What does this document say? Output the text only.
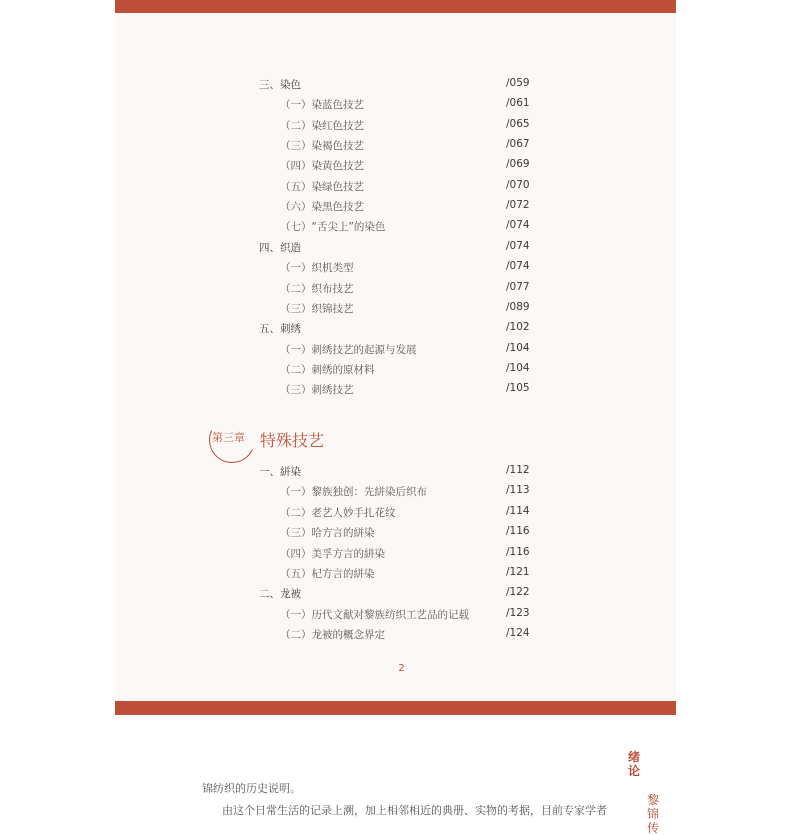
三、染色	/059
（一）染蓝色技艺	/061
（二）染红色技艺	/065
（三）染褐色技艺	/067
（四）染黄色技艺	/069
（五）染绿色技艺	/070
（六）染黑色技艺	/072
（七）“舌尖上”的染色	/074
四、织造	/074
（一）织机类型	/074
（二）织布技艺	/077
（三）织锦技艺	/089
五、刺绣	/102
（一）刺绣技艺的起源与发展	/104
（二）刺绣的原材料	/104
（三）刺绣技艺	/105
第三章 特殊技艺
一、絣染	/112
（一）黎族独创：先絣染后织布	/113
（二）老艺人妙手扎花纹	/114
（三）哈方言的絣染	/116
（四）美孚方言的絣染	/116
（五）杞方言的絣染	/121
二、龙被	/122
（一）历代文献对黎族纺织工艺品的记载	/123
（二）龙被的概念界定	/124
2
锦纺织的历史说明。
由这个日常生活的记录上溯，加上相邻相近的典册、实物的考据，目前专家学者
绪论
黎锦传
